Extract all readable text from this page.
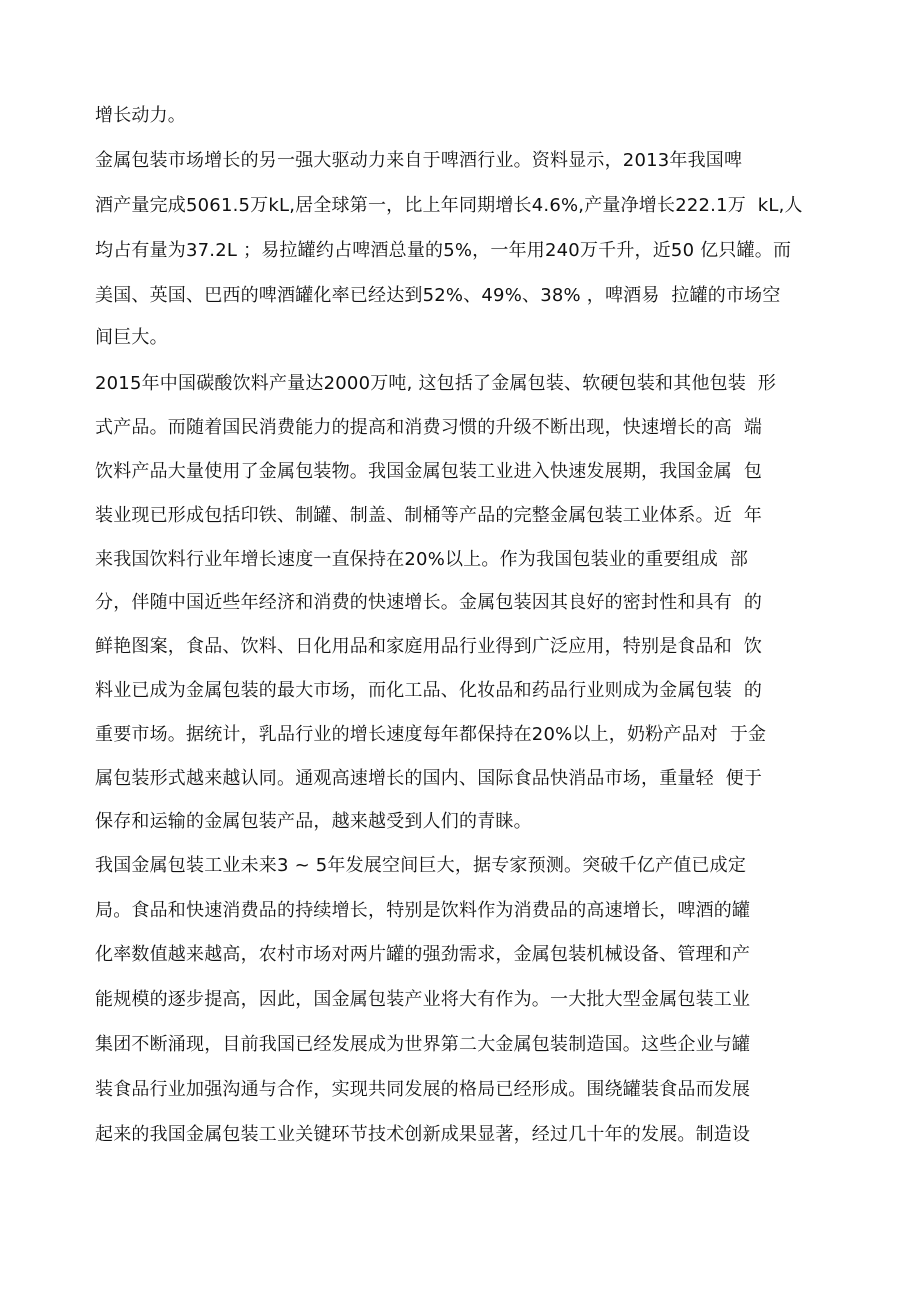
增长动力。
金属包装市场增长的另一强大驱动力来自于啤酒行业。资料显示，2013年我国啤
酒产量完成5061.5万kL,居全球第一，比上年同期增长4.6%,产量净增长222.1万  kL,人
均占有量为37.2L ；易拉罐约占啤酒总量的5%，一年用240万千升，近50 亿只罐。而
美国、英国、巴西的啤酒罐化率已经达到52%、49%、38% ，啤酒易  拉罐的市场空
间巨大。
2015年中国碳酸饮料产量达2000万吨, 这包括了金属包装、软硬包装和其他包装  形
式产品。而随着国民消费能力的提高和消费习惯的升级不断出现，快速增长的高  端
饮料产品大量使用了金属包装物。我国金属包装工业进入快速发展期，我国金属  包
装业现已形成包括印铁、制罐、制盖、制桶等产品的完整金属包装工业体系。近  年
来我国饮料行业年增长速度一直保持在20%以上。作为我国包装业的重要组成  部
分，伴随中国近些年经济和消费的快速增长。金属包装因其良好的密封性和具有  的
鲜艳图案，食品、饮料、日化用品和家庭用品行业得到广泛应用，特别是食品和  饮
料业已成为金属包装的最大市场，而化工品、化妆品和药品行业则成为金属包装  的
重要市场。据统计，乳品行业的增长速度每年都保持在20%以上，奶粉产品对  于金
属包装形式越来越认同。通观高速增长的国内、国际食品快消品市场，重量轻  便于
保存和运输的金属包装产品，越来越受到人们的青睐。
我国金属包装工业未来3 ~ 5年发展空间巨大，据专家预测。突破千亿产值已成定
局。食品和快速消费品的持续增长，特别是饮料作为消费品的高速增长，啤酒的罐
化率数值越来越高，农村市场对两片罐的强劲需求，金属包装机械设备、管理和产
能规模的逐步提高，因此，国金属包装产业将大有作为。一大批大型金属包装工业
集团不断涌现，目前我国已经发展成为世界第二大金属包装制造国。这些企业与罐
装食品行业加强沟通与合作，实现共同发展的格局已经形成。围绕罐装食品而发展
起来的我国金属包装工业关键环节技术创新成果显著，经过几十年的发展。制造设
